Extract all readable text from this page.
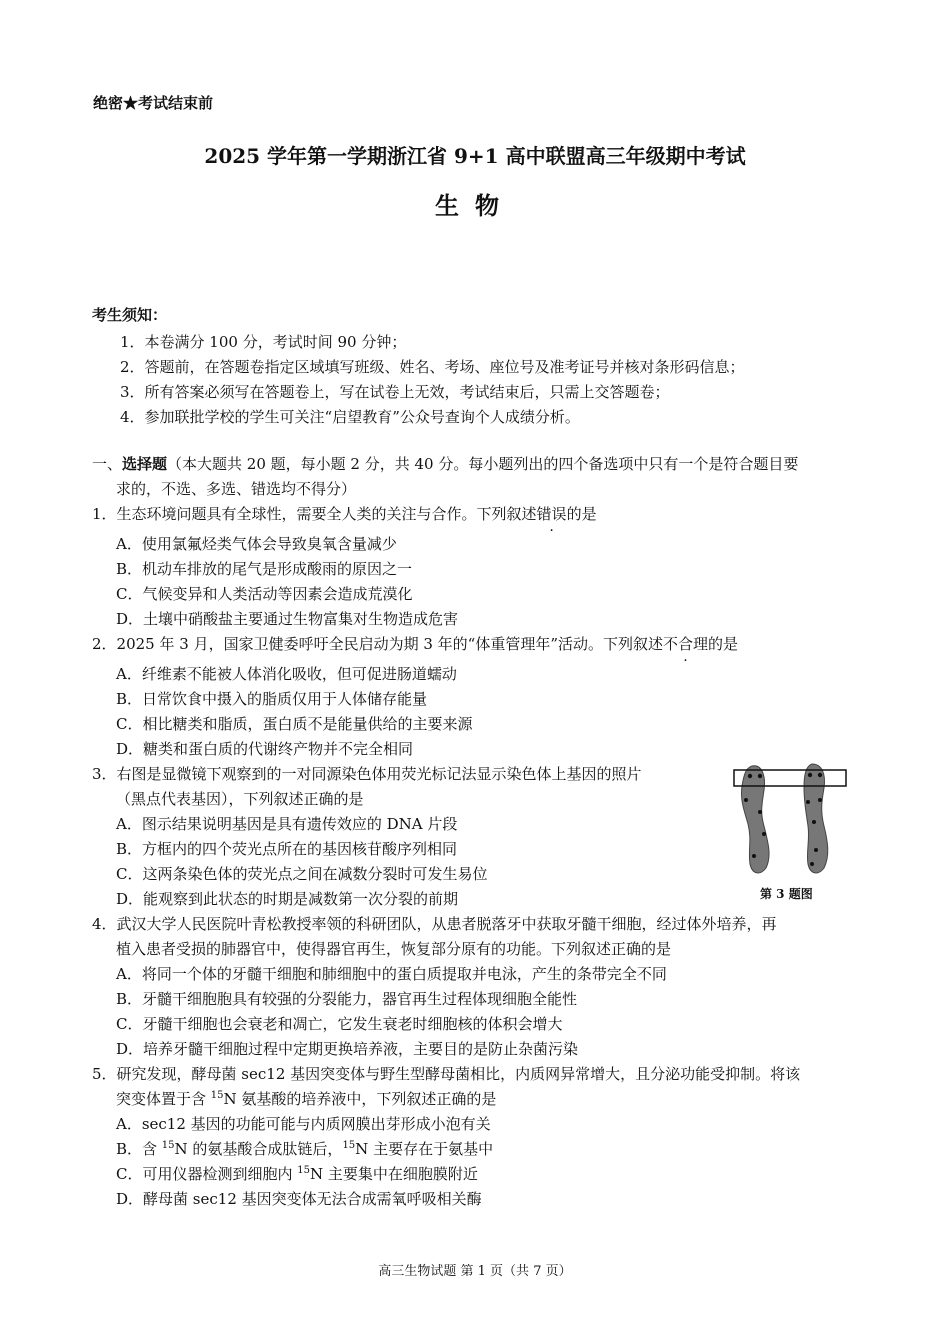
绝密★考试结束前
2025 学年第一学期浙江省 9+1 高中联盟高三年级期中考试
生物
考生须知：
1．本卷满分 100 分，考试时间 90 分钟；
2．答题前，在答题卷指定区域填写班级、姓名、考场、座位号及准考证号并核对条形码信息；
3．所有答案必须写在答题卷上，写在试卷上无效，考试结束后，只需上交答题卷；
4．参加联批学校的学生可关注“启望教育”公众号查询个人成绩分析。
一、选择题（本大题共 20 题，每小题 2 分，共 40 分。每小题列出的四个备选项中只有一个是符合题目要
求的，不选、多选、错选均不得分）
1．生态环境问题具有全球性，需要全人类的关注与合作。下列叙述错误的是
A．使用氯氟烃类气体会导致臭氧含量减少
B．机动车排放的尾气是形成酸雨的原因之一
C．气候变异和人类活动等因素会造成荒漠化
D．土壤中硝酸盐主要通过生物富集对生物造成危害
2．2025 年 3 月，国家卫健委呼吁全民启动为期 3 年的“体重管理年”活动。下列叙述不合理的是
A．纤维素不能被人体消化吸收，但可促进肠道蠕动
B．日常饮食中摄入的脂质仅用于人体储存能量
C．相比糖类和脂质，蛋白质不是能量供给的主要来源
D．糖类和蛋白质的代谢终产物并不完全相同
3．右图是显微镜下观察到的一对同源染色体用荧光标记法显示染色体上基因的照片
（黑点代表基因），下列叙述正确的是
A．图示结果说明基因是具有遗传效应的 DNA 片段
B．方框内的四个荧光点所在的基因核苷酸序列相同
C．这两条染色体的荧光点之间在减数分裂时可发生易位
D．能观察到此状态的时期是减数第一次分裂的前期	第 3 题图
4．武汉大学人民医院叶青松教授率领的科研团队，从患者脱落牙中获取牙髓干细胞，经过体外培养，再
植入患者受损的肺器官中，使得器官再生，恢复部分原有的功能。下列叙述正确的是
A．将同一个体的牙髓干细胞和肺细胞中的蛋白质提取并电泳，产生的条带完全不同
B．牙髓干细胞胞具有较强的分裂能力，器官再生过程体现细胞全能性
C．牙髓干细胞也会衰老和凋亡，它发生衰老时细胞核的体积会增大
D．培养牙髓干细胞过程中定期更换培养液，主要目的是防止杂菌污染
5．研究发现，酵母菌 sec12 基因突变体与野生型酵母菌相比，内质网异常增大，且分泌功能受抑制。将该
突变体置于含 $^{15}$N 氨基酸的培养液中，下列叙述正确的是
A．sec12 基因的功能可能与内质网膜出芽形成小泡有关
B．含 $^{15}$N 的氨基酸合成肽链后，$^{15}$N 主要存在于氨基中
C．可用仪器检测到细胞内 $^{15}$N 主要集中在细胞膜附近
D．酵母菌 sec12 基因突变体无法合成需氧呼吸相关酶
高三生物试题 第 1 页（共 7 页）
